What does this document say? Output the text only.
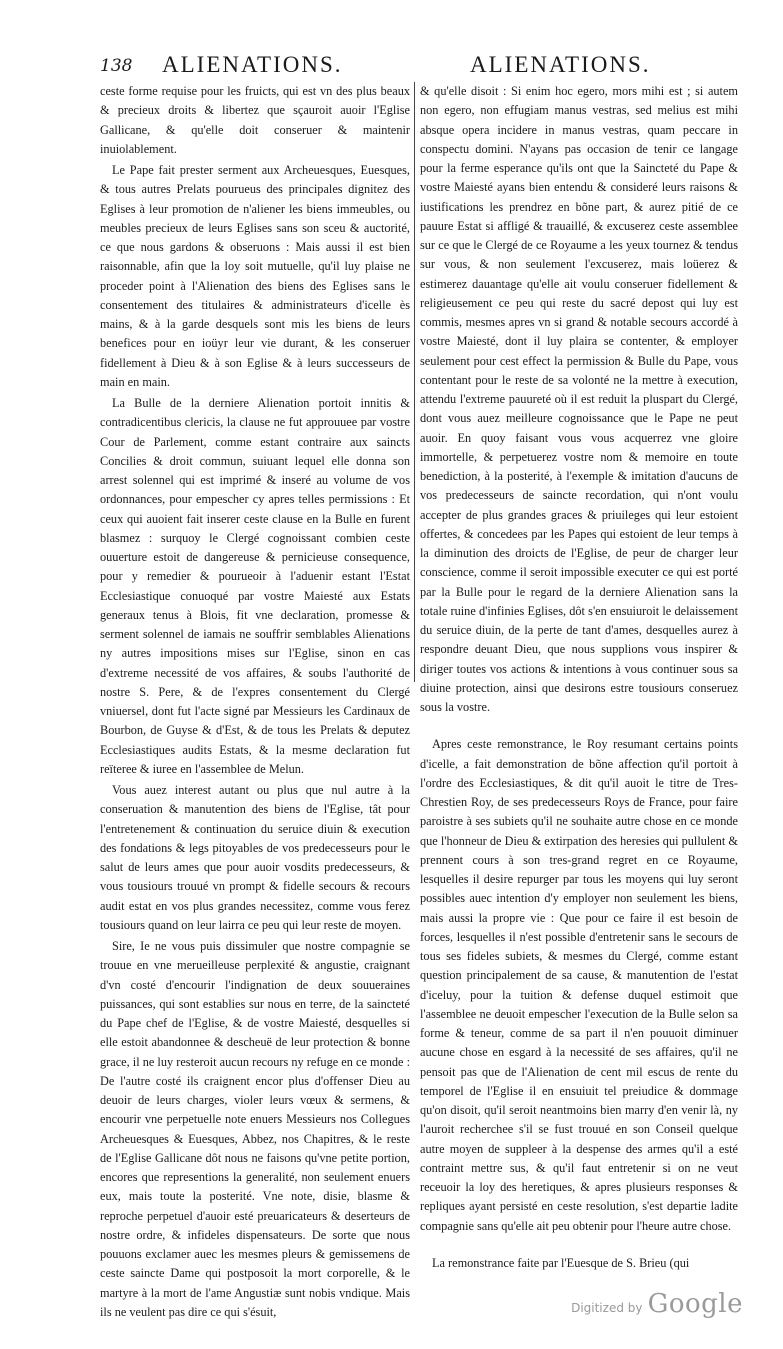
138 ALIENATIONS.	ALIENATIONS.

ceste forme requise pour les fruicts, qui est vn des plus beaux & precieux droits & libertez que sçauroit auoir l'Eglise Gallicane, & qu'elle doit conseruer & maintenir inuiolablement.

Le Pape fait prester serment aux Archeuesques, Euesques, & tous autres Prelats pourueus des principales dignitez des Eglises à leur promotion de n'aliener les biens immeubles, ou meubles precieux de leurs Eglises sans son sceu & auctorité, ce que nous gardons & obseruons : Mais aussi il est bien raisonnable, afin que la loy soit mutuelle, qu'il luy plaise ne proceder point à l'Alienation des biens des Eglises sans le consentement des titulaires & administrateurs d'icelle ès mains, & à la garde desquels sont mis les biens de leurs benefices pour en ioüyr leur vie durant, & les conseruer fidellement à Dieu & à son Eglise & à leurs successeurs de main en main.

La Bulle de la derniere Alienation portoit innitis & contradicentibus clericis, la clause ne fut approuuee par vostre Cour de Parlement, comme estant contraire aux saincts Concilies & droit commun, suiuant lequel elle donna son arrest solennel qui est imprimé & inseré au volume de vos ordonnances, pour empescher cy apres telles permissions : Et ceux qui auoient fait inserer ceste clause en la Bulle en furent blasmez : surquoy le Clergé cognoissant combien ceste ouuerture estoit de dangereuse & pernicieuse consequence, pour y remedier & pourueoir à l'aduenir estant l'Estat Ecclesiastique conuoqué par vostre Maiesté aux Estats generaux tenus à Blois, fit vne declaration, promesse & serment solennel de iamais ne souffrir semblables Alienations ny autres impositions mises sur l'Eglise, sinon en cas d'extreme necessité de vos affaires, & soubs l'authorité de nostre S. Pere, & de l'expres consentement du Clergé vniuersel, dont fut l'acte signé par Messieurs les Cardinaux de Bourbon, de Guyse & d'Est, & de tous les Prelats & deputez Ecclesiastiques audits Estats, & la mesme declaration fut reïteree & iuree en l'assemblee de Melun.

Vous auez interest autant ou plus que nul autre à la conseruation & manutention des biens de l'Eglise, tât pour l'entretenement & continuation du seruice diuin & execution des fondations & legs pitoyables de vos predecesseurs pour le salut de leurs ames que pour auoir vosdits predecesseurs, & vous tousiours trouué vn prompt & fidelle secours & recours audit estat en vos plus grandes necessitez, comme vous ferez tousiours quand on leur lairra ce peu qui leur reste de moyen.

Sire, Ie ne vous puis dissimuler que nostre compagnie se trouue en vne merueilleuse perplexité & angustie, craignant d'vn costé d'encourir l'indignation de deux souueraines puissances, qui sont establies sur nous en terre, de la saincteté du Pape chef de l'Eglise, & de vostre Maiesté, desquelles si elle estoit abandonnee & descheuë de leur protection & bonne grace, il ne luy resteroit aucun recours ny refuge en ce monde : De l'autre costé ils craignent encor plus d'offenser Dieu au deuoir de leurs charges, violer leurs vœux & sermens, & encourir vne perpetuelle note enuers Messieurs nos Collegues Archeuesques & Euesques, Abbez, nos Chapitres, & le reste de l'Eglise Gallicane dôt nous ne faisons qu'vne petite portion, encores que representions la generalité, non seulement enuers eux, mais toute la posterité. Vne note, disie, blasme & reproche perpetuel d'auoir esté preuaricateurs & deserteurs de nostre ordre, & infideles dispensateurs. De sorte que nous pouuons exclamer auec les mesmes pleurs & gemissemens de ceste saincte Dame qui postposoit la mort corporelle, & le martyre à la mort de l'ame Angustiæ sunt nobis vndique. Mais ils ne veulent pas dire ce qui s'ésuit,

& qu'elle disoit : Si enim hoc egero, mors mihi est ; si autem non egero, non effugiam manus vestras, sed melius est mihi absque opera incidere in manus vestras, quam peccare in conspectu domini. N'ayans pas occasion de tenir ce langage pour la ferme esperance qu'ils ont que la Saincteté du Pape & vostre Maiesté ayans bien entendu & consideré leurs raisons & iustifications les prendrez en bõne part, & aurez pitié de ce pauure Estat si affligé & trauaillé, & excuserez ceste assemblee sur ce que le Clergé de ce Royaume a les yeux tournez & tendus sur vous, & non seulement l'excuserez, mais loüerez & estimerez dauantage qu'elle ait voulu conseruer fidellement & religieusement ce peu qui reste du sacré depost qui luy est commis, mesmes apres vn si grand & notable secours accordé à vostre Maiesté, dont il luy plaira se contenter, & employer seulement pour cest effect la permission & Bulle du Pape, vous contentant pour le reste de sa volonté ne la mettre à execution, attendu l'extreme pauureté où il est reduit la pluspart du Clergé, dont vous auez meilleure cognoissance que le Pape ne peut auoir. En quoy faisant vous vous acquerrez vne gloire immortelle, & perpetuerez vostre nom & memoire en toute benediction, à la posterité, à l'exemple & imitation d'aucuns de vos predecesseurs de saincte recordation, qui n'ont voulu accepter de plus grandes graces & priuileges qui leur estoient offertes, & concedees par les Papes qui estoient de leur temps à la diminution des droicts de l'Eglise, de peur de charger leur conscience, comme il seroit impossible executer ce qui est porté par la Bulle pour le regard de la derniere Alienation sans la totale ruine d'infinies Eglises, dôt s'en ensuiuroit le delaissement du seruice diuin, de la perte de tant d'ames, desquelles aurez à respondre deuant Dieu, que nous supplions vous inspirer & diriger toutes vos actions & intentions à vous continuer sous sa diuine protection, ainsi que desirons estre tousiours conseruez sous la vostre.

Apres ceste remonstrance, le Roy resumant certains points d'icelle, a fait demonstration de bõne affection qu'il portoit à l'ordre des Ecclesiastiques, & dit qu'il auoit le titre de Tres-Chrestien Roy, de ses predecesseurs Roys de France, pour faire paroistre à ses subiets qu'il ne souhaite autre chose en ce monde que l'honneur de Dieu & extirpation des heresies qui pullulent & prennent cours à son tres-grand regret en ce Royaume, lesquelles il desire repurger par tous les moyens qui luy seront possibles auec intention d'y employer non seulement les biens, mais aussi la propre vie : Que pour ce faire il est besoin de forces, lesquelles il n'est possible d'entretenir sans le secours de tous ses fideles subiets, & mesmes du Clergé, comme estant question principalement de sa cause, & manutention de l'estat d'iceluy, pour la tuition & defense duquel estimoit que l'assemblee ne deuoit empescher l'execution de la Bulle selon sa forme & teneur, comme de sa part il n'en pouuoit diminuer aucune chose en esgard à la necessité de ses affaires, qu'il ne pensoit pas que de l'Alienation de cent mil escus de rente du temporel de l'Eglise il en ensuiuit tel preiudice & dommage qu'on disoit, qu'il seroit neantmoins bien marry d'en venir là, ny l'auroit recherchee s'il se fust trouué en son Conseil quelque autre moyen de suppleer à la despense des armes qu'il a esté contraint mettre sus, & qu'il faut entretenir si on ne veut receuoir la loy des heretiques, & apres plusieurs responses & repliques ayant persisté en ceste resolution, s'est departie ladite compagnie sans qu'elle ait peu obtenir pour l'heure autre chose.

La remonstrance faite par l'Euesque de S. Brieu (qui

Digitized by Google
